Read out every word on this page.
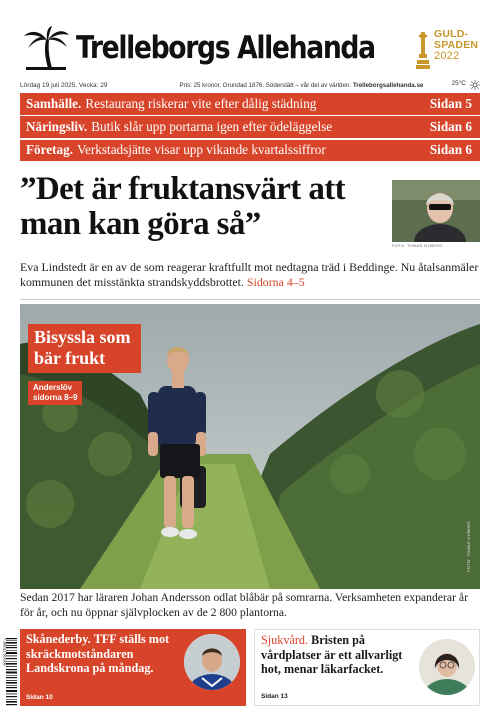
Trelleborgs Allehanda	GULD-
SPADEN
2022
Lördag 19 juli 2025. Vecka: 29	Pris: 25 kronor. Grundad 1876. Söderslätt – vår del av världen. Trelleborgsallehanda.se	25°C
Samhälle. Restaurang riskerar vite efter dålig städning	Sidan 5
Näringsliv. Butik slår upp portarna igen efter ödeläggelse	Sidan 6
Företag. Verkstadsjätte visar upp vikande kvartalssiffror	Sidan 6
”Det är fruktansvärt att man kan göra så”
FOTO: TOMAS NYBERG

Eva Lindstedt är en av de som reagerar kraftfullt mot nedtagna träd i Beddinge. Nu åtalsanmäler kommunen det misstänkta strandskyddsbrottet. Sidorna 4–5

Bisyssla som
bär frukt
Anderslöv
sidorna 8–9
FOTO: TOMAS NYBERG

Sedan 2017 har läraren Johan Andersson odlat blåbär på somrarna. Verksamheten expanderar år för år, och nu öppnar självplocken av de 2 800 plantorna.

7 388111 502308 Skånederby. TFF ställs mot skräckmotståndaren Landskrona på måndag.

Sidan 10

Sjukvård. Bristen på vårdplatser är ett allvarligt hot, menar läkarfacket.

Sidan 13
